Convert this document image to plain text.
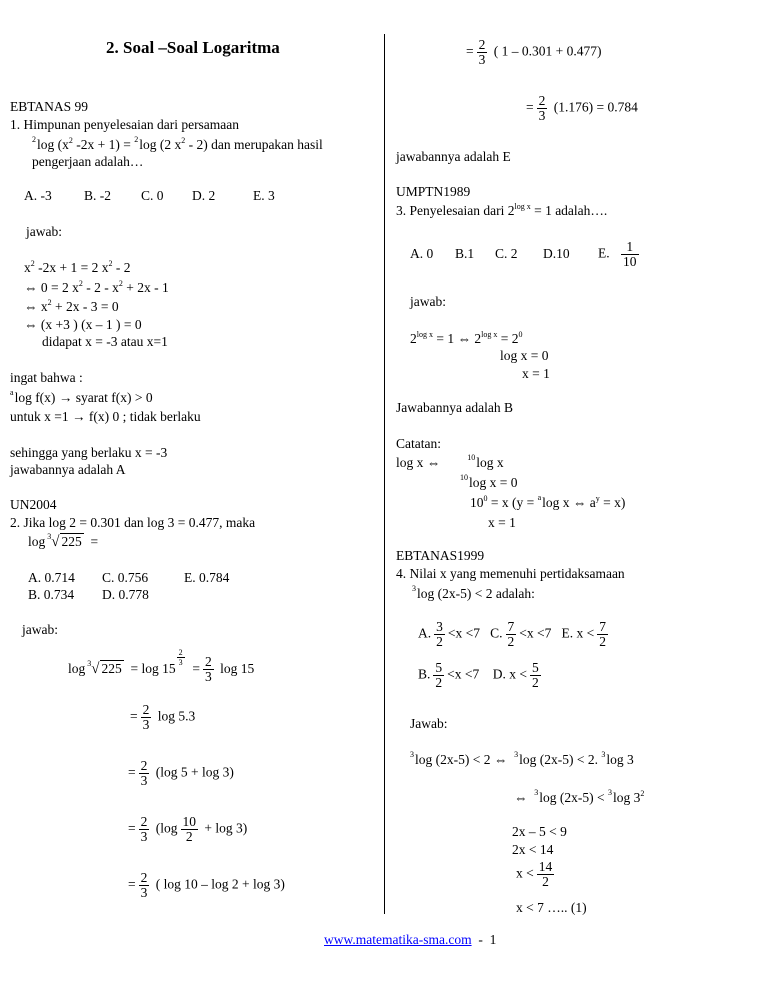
2. Soal –Soal Logaritma
EBTANAS 99
1. Himpunan penyelesaian dari persamaan
$^2$log ($x^2$ -2x + 1) = $^2$log (2 $x^2 - 2$) dan merupakan hasil
pengerjaan adalah…
A. -3 B. -2 C. 0 D. 2	E. 3
jawab:
$x^2$ -2x + 1 = 2 $x^2 - 2$
⇔ 0 = 2 $x^2 - 2 - x^2 + 2x - 1$
⇔ $x^2 + 2x - 3 = 0$
⇔ (x +3 ) (x – 1 ) = 0
didapat x = -3 atau x=1
ingat bahwa :
$^a$log f(x) → syarat f(x) > 0
untuk x =1 → f(x) 0 ; tidak berlaku
sehingga yang berlaku x = -3
jawabannya adalah A
UN2004
2. Jika log 2 = 0.301 dan log 3 = 0.477, maka
log $^3$√ 225 =
A. 0.714 C. 0.756	E. 0.784
B. 0.734 D. 0.778
jawab:
log $^3$√ 225 = log 15
$\frac{2}{3}$
= $\frac{2}{3}$ log 15
= $\frac{2}{3}$ log 5.3
= $\frac{2}{3} (\log$ 5 + log 3)
= $\frac{2}{3} (\log \frac{10}{2} + \log 3)$
= $\frac{2}{3}$ ( log 10 – log 2 + log 3)
= $\frac{2}{3}$ ( 1 – 0.301 + 0.477)
= $\frac{2}{3} (1.176) = 0.784$
jawabannya adalah E
UMPTN1989
3. Penyelesaian dari $2^{log x} = 1$ adalah….
A. 0 B.1 C. 2 D.10 E. $\frac{1}{10}$
jawab:
$2^{log x} = 1$ ⇔ $2^{log x} = 2^0$
log x = 0
x = 1
Jawabannya adalah B
Catatan:
log x ⇔	$^{10}$log x
$^{10}$log x = 0
$10^0 = x$ (y = $^a$log x ⇔ $a^y = x$)
x = 1
EBTANAS1999
4. Nilai x yang memenuhi pertidaksamaan
$^3$log (2x-5) < 2 adalah:
A. $\frac{3}{2} <x <7$ C. $\frac{7}{2} <x <7$ E. $x < \frac{7}{2}$
B. $\frac{5}{2} <x <7$ D. $x < \frac{5}{2}$
Jawab:
$^3$log (2x-5) < 2 ⇔ $^3$log (2x-5) < 2. $^3$log 3
⇔ $^3$log (2x-5) < $^3$log $3^2$
2x – 5 < 9
2x < 14
$x < \frac{14}{2}$
x < 7 ….. (1)
www.matematika-sma.com - 1
